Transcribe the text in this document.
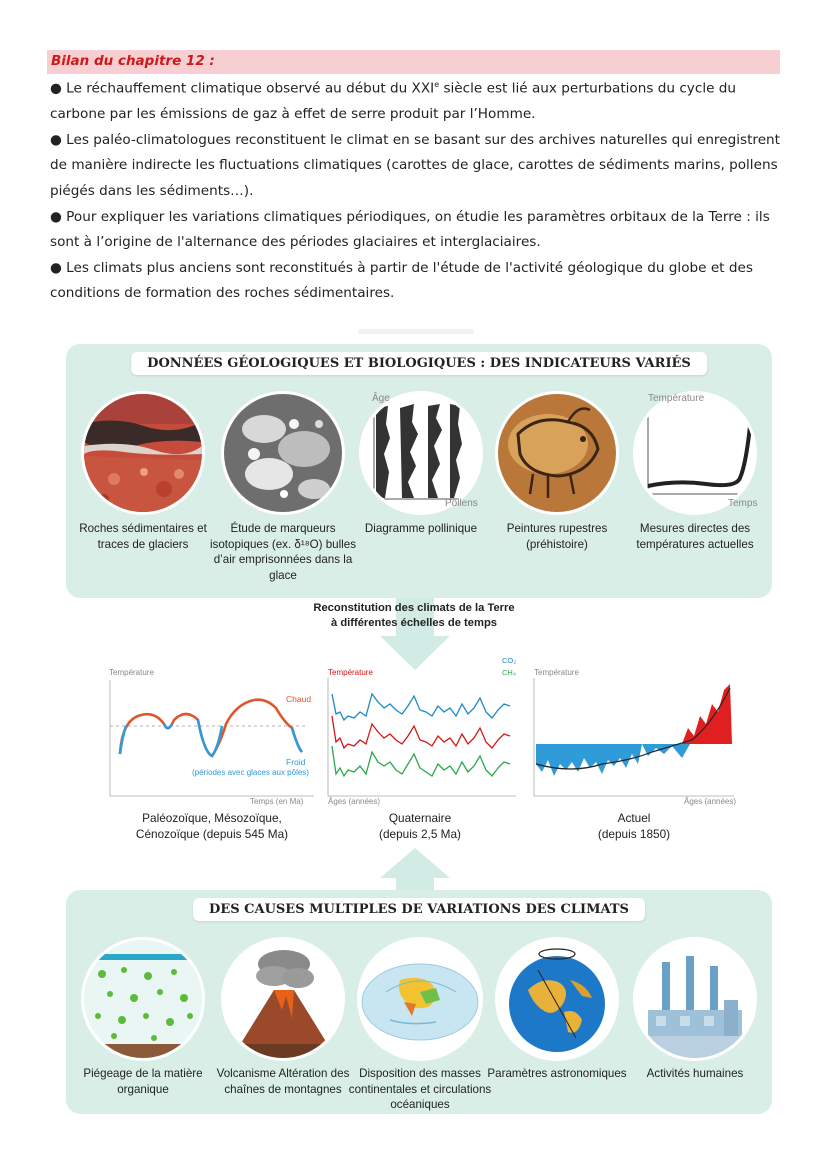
Bilan du chapitre 12 :

● Le réchauffement climatique observé au début du XXIe siècle est lié aux perturbations du cycle du carbone par les émissions de gaz à effet de serre produit par l’Homme.

● Les paléo-climatologues reconstituent le climat en se basant sur des archives naturelles qui enregistrent de manière indirecte les fluctuations climatiques (carottes de glace, carottes de sédiments marins, pollens piégés dans les sédiments…).

● Pour expliquer les variations climatiques périodiques, on étudie les paramètres orbitaux de la Terre : ils sont à l’origine de l'alternance des périodes glaciaires et interglaciaires.

● Les climats plus anciens sont reconstitués à partir de l'étude de l'activité géologique du globe et des conditions de formation des roches sédimentaires.

DONNÉES GÉOLOGIQUES ET BIOLOGIQUES : DES INDICATEURS VARIÉS
Âge
Pollens
Température
Temps
Roches sédimentaires et traces de glaciers
Étude de marqueurs isotopiques (ex. δ¹⁸O) bulles d’air emprisonnées dans la glace
Diagramme pollinique	Peintures rupestres (préhistoire)
Mesures directes des températures actuelles
Reconstitution des climats de la Terre
à différentes échelles de temps
Température
Chaud
Froid
(périodes avec glaces aux pôles)
Temps (en Ma)
Température
CO₂
CH₄
Âges (années)
Température
Âges (années)
Paléozoïque, Mésozoïque,
Cénozoïque (depuis 545 Ma)
Quaternaire
(depuis 2,5 Ma)
Actuel
(depuis 1850)
DES CAUSES MULTIPLES DE VARIATIONS DES CLIMATS
Piégeage de la matière organique
Volcanisme Altération des chaînes de montagnes
Disposition des masses continentales et circulations océaniques
Paramètres astronomiques	Activités humaines
